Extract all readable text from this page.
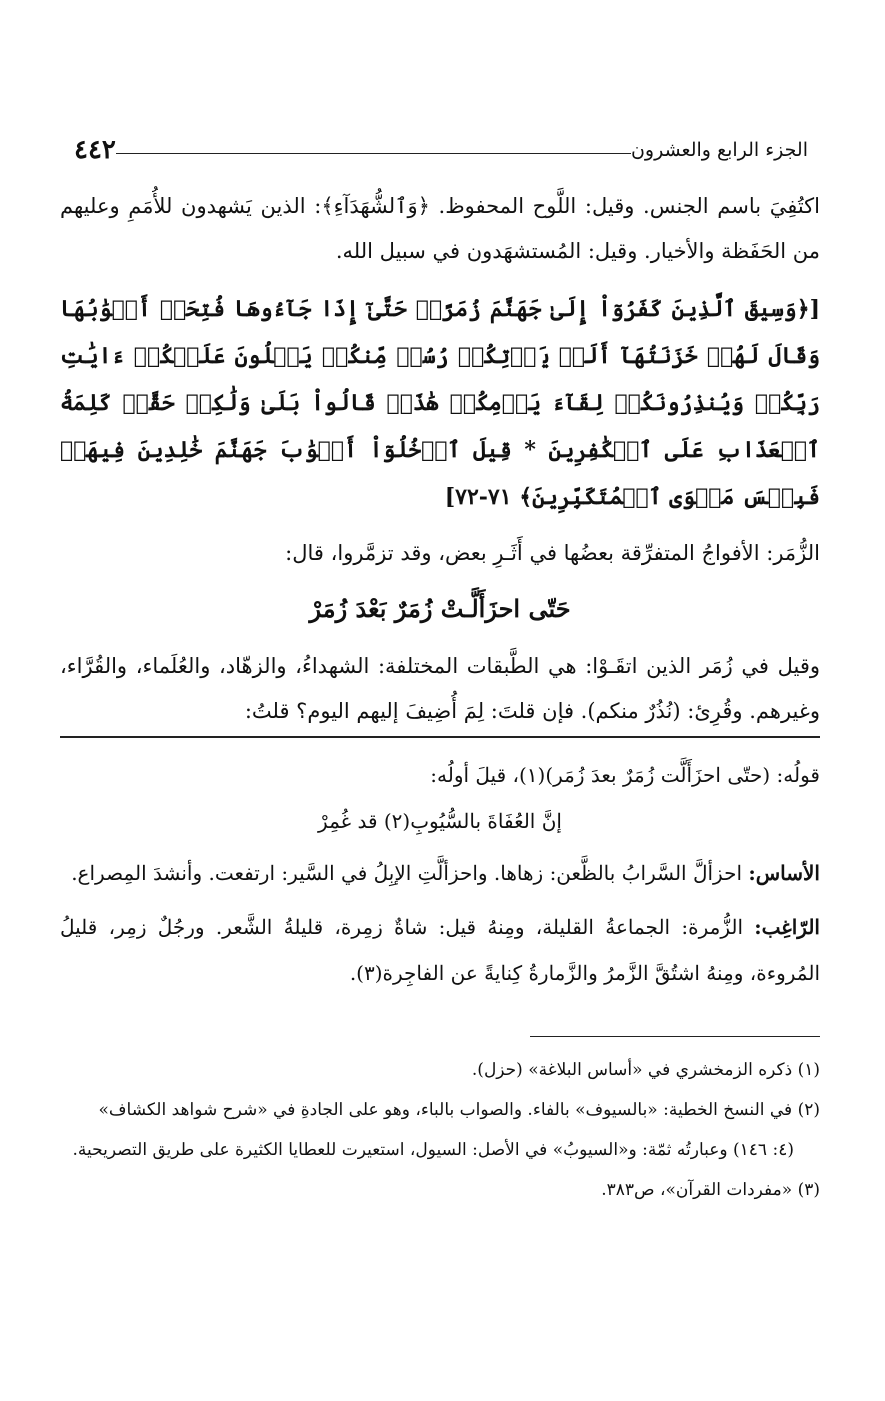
الجزء الرابع والعشرون
٤٤٢

اكتُفِيَ باسم الجنس. وقيل: اللَّوح المحفوظ. ﴿وَٱلشُّهَدَآءِ﴾: الذين يَشهدون للأُمَمِ وعليهم من الحَفَظة والأخيار. وقيل: المُستشهَدون في سبيل الله.

[﴿وَسِيقَ ٱلَّذِينَ كَفَرُوٓاْ إِلَىٰ جَهَنَّمَ زُمَرًاۖ حَتَّىٰٓ إِذَا جَآءُوهَا فُتِحَتۡ أَبۡوَٰبُهَا وَقَالَ لَهُمۡ خَزَنَتُهَآ أَلَمۡ يَأۡتِكُمۡ رُسُلٞ مِّنكُمۡ يَتۡلُونَ عَلَيۡكُمۡ ءَايَٰتِ رَبِّكُمۡ وَيُنذِرُونَكُمۡ لِقَآءَ يَوۡمِكُمۡ هَٰذَاۚ قَالُواْ بَلَىٰ وَلَٰكِنۡ حَقَّتۡ كَلِمَةُ ٱلۡعَذَابِ عَلَى ٱلۡكَٰفِرِينَ * قِيلَ ٱدۡخُلُوٓاْ أَبۡوَٰبَ جَهَنَّمَ خَٰلِدِينَ فِيهَاۖ فَبِئۡسَ مَثۡوَى ٱلۡمُتَكَبِّرِينَ﴾ ٧١-٧٢]

الزُّمَر: الأفواجُ المتفرِّقة بعضُها في أَثَـرِ بعض، وقد تزمَّروا، قال:

حَتّى احزَأَلَّـتْ زُمَرٌ بَعْدَ زُمَرْ

وقيل في زُمَر الذين اتقَـوْا: هي الطَّبقات المختلفة: الشهداءُ، والزهّاد، والعُلَماء، والقُرَّاء، وغيرهم. وقُرِئ: (نُذُرٌ منكم). فإن قلتَ: لِمَ أُضِيفَ إليهم اليوم؟ قلتُ:

قولُه: (حتّى احزَأَلَّت زُمَرٌ بعدَ زُمَر)(١)، قيلَ أولُه:

إنَّ العُفَاةَ بالسُّيُوبِ(٢) قد غُمِرْ

الأساس: احزألَّ السَّرابُ بالظَّعن: زهاها. واحزألَّتِ الإبِلُ في السَّير: ارتفعت. وأنشدَ المِصراع.

الرّاغِب: الزُّمرة: الجماعةُ القليلة، ومِنهُ قيل: شاةٌ زمِرة، قليلةُ الشَّعر. ورجُلٌ زمِر، قليلُ المُروءة، ومِنهُ اشتُقَّ الزَّمرُ والزَّمارةُ كِنايةً عن الفاجِرة(٣).

(١) ذكره الزمخشري في «أساس البلاغة» (حزل).

(٢) في النسخ الخطية: «بالسيوف» بالفاء. والصواب بالباء، وهو على الجادةِ في «شرح شواهد الكشاف»

(٤: ١٤٦) وعبارتُه ثمّة: و«السيوبُ» في الأصل: السيول، استعيرت للعطايا الكثيرة على طريق التصريحية.

(٣) «مفردات القرآن»، ص٣٨٣.
